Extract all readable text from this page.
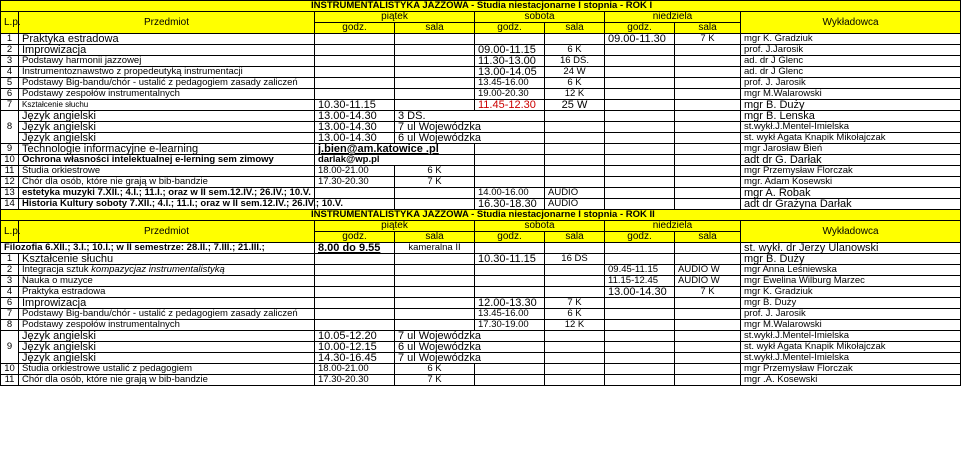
INSTRUMENTALISTYKA JAZZOWA - Studia niestacjonarne I stopnia - ROK I								
L.p.	Przedmiot	piątek		sobota		niedziela		Wykładowca
		godz.	sala	godz.	sala	godz.	sala	
1	Praktyka estradowa					09.00-11.30	7 K	mgr K. Gradziuk
2	Improwizacja			09.00-11.15	6 K			prof. J.Jarosik
3	Podstawy harmonii jazzowej			11.30-13.00	16 DS.			ad. dr J Glenc
4	Instrumentoznawstwo z propedeutyką instrumentacji			13.00-14.05	24 W			ad. dr J Glenc
5	Podstawy Big-bandu/chór - ustalić z pedagogiem zasady zaliczeń			13.45-16.00	6 K			prof. J. Jarosik
6	Podstawy zespołów instrumentalnych			19.00-20.30	12 K			mgr M.Walarowski
7	Kształcenie słuchu	10.30-11.15		11.45-12.30	25 W			mgr B. Duży
8	Język angielski	13.00-14.30	3 DS.					mgr B. Lenska
	Język angielski	13.00-14.30	7 ul Wojewódzka					st.wykł.J.Mentel-Imielska
	Język angielski	13.00-14.30	6 ul Wojewódzka					st. wykł Agata Knapik Mikołajczak
9	Technologie informacyjne e-learning	j.bien@am.katowice .pl						mgr Jarosław Bień
10	Ochrona własności intelektualnej e-lerning sem zimowy	darlak@wp.pl						adt dr G. Darłak
11	Studia orkiestrowe	18.00-21.00	6 K					mgr Przemysław Florczak
12	Chór dla osób, które nie grają w bib-bandzie	17.30-20.30	7 K					mgr. Adam Kosewski
13	estetyka muzyki 7.XII.; 4.I.; 11.I.; oraz w II sem.12.IV.; 26.IV.; 10.V.			14.00-16.00	AUDIO			mgr A. Robak
14	Historia Kultury soboty 7.XII.; 4.I.; 11.I.; oraz w II sem.12.IV.; 26.IV.; 10.V.			16.30-18.30	AUDIO			adt dr Grażyna Darłak
INSTRUMENTALISTYKA JAZZOWA - Studia niestacjonarne I stopnia - ROK II								
L.p.	Przedmiot	piątek		sobota		niedziela		Wykładowca
		godz.	sala	godz.	sala	godz.	sala	
Filozofia 6.XII.; 3.I.; 10.I.; w II semestrze: 28.II.; 7.III.; 21.III.;		8.00 do 9.55	kameralna II					st. wykł. dr Jerzy Ulanowski
1	Kształcenie słuchu			10.30-11.15	16 DS			mgr B. Duży
2	Integracja sztuk kompazycjaz instrumentalistyką					09.45-11.15	AUDIO W	mgr Anna Leśniewska
3	Nauka o muzyce					11.15-12.45	AUDIO W	mgr Ewelina Wilburg Marzec
4	Praktyka estradowa					13.00-14.30	7 K	mgr K. Gradziuk
6	Improwizacja			12.00-13.30	7 K			mgr B. Duży
7	Podstawy Big-bandu/chór - ustalić z pedagogiem zasady zaliczeń			13.45-16.00	6 K			prof. J. Jarosik
8	Podstawy zespołów instrumentalnych			17.30-19.00	12 K			mgr M.Walarowski
9	Język angielski	10.05-12.20	7 ul Wojewódzka					st.wykł.J.Mentel-Imielska
	Język angielski	10.00-12.15	6 ul Wojewódzka					st. wykł Agata Knapik Mikołajczak
	Język angielski	14.30-16.45	7 ul Wojewódzka					st.wykł.J.Mentel-Imielska
10	Studia orkiestrowe ustalić z pedagogiem	18.00-21.00	6 K					mgr Przemysław Florczak
11	Chór dla osób, które nie grają w bib-bandzie	17.30-20.30	7 K					mgr .A. Kosewski
